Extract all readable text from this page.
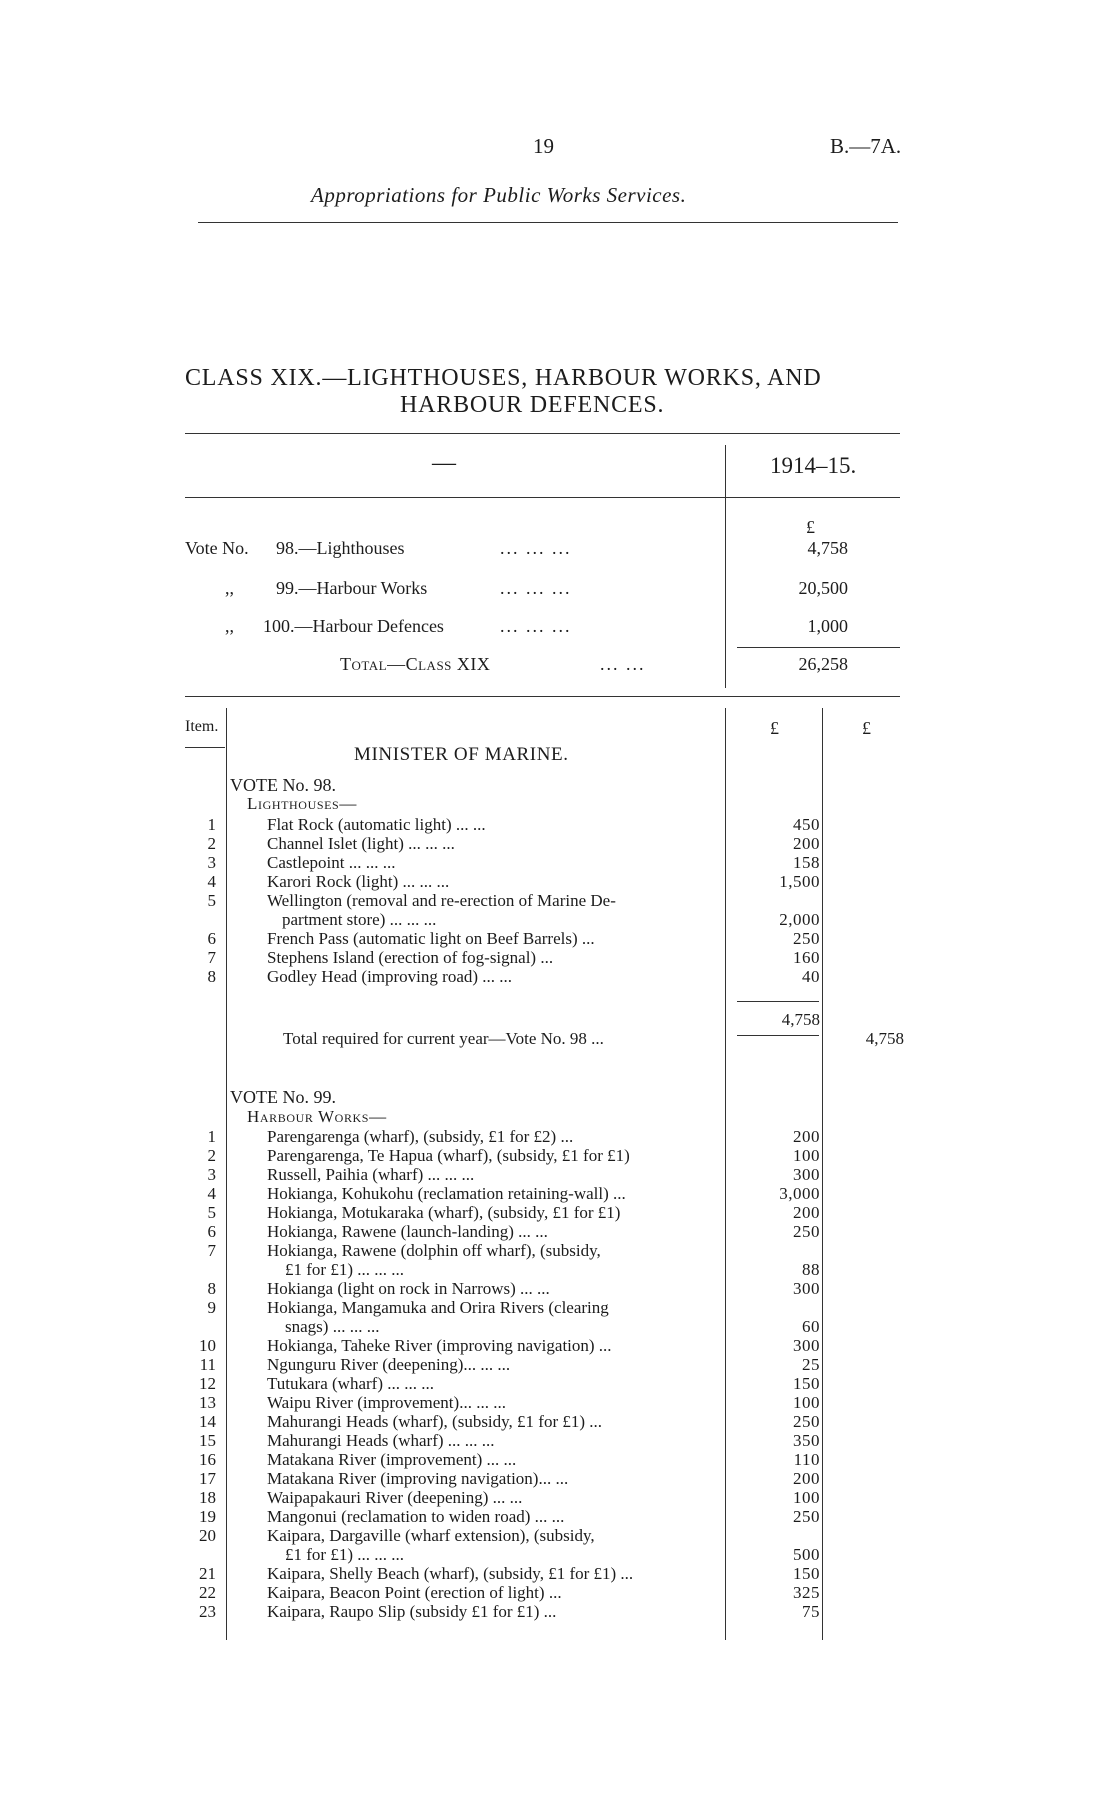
19	B.—7A.
Appropriations for Public Works Services.
CLASS XIX.—LIGHTHOUSES, HARBOUR WORKS, AND
HARBOUR DEFENCES.
—	1914–15.
£
Vote No. 98.—Lighthouses	... ... ...	4,758
,, 99.—Harbour Works	... ... ...	20,500
,, 100.—Harbour Defences	... ... ...	1,000
Total—Class XIX	... ...	26,258
Item.	£	£
MINISTER OF MARINE.
VOTE No. 98.
Lighthouses—
1	Flat Rock (automatic light) ... ...	450
2	Channel Islet (light) ... ... ...	200
3	Castlepoint ... ... ...	158
4	Karori Rock (light) ... ... ...	1,500
5	Wellington (removal and re-erection of Marine De-
partment store) ... ... ...	2,000
6	French Pass (automatic light on Beef Barrels) ...	250
7	Stephens Island (erection of fog-signal) ...	160
8	Godley Head (improving road) ... ...	40
4,758
Total required for current year—Vote No. 98 ...	4,758
VOTE No. 99.
Harbour Works—
1	Parengarenga (wharf), (subsidy, £1 for £2) ...	200
2	Parengarenga, Te Hapua (wharf), (subsidy, £1 for £1)	100
3	Russell, Paihia (wharf) ... ... ...	300
4	Hokianga, Kohukohu (reclamation retaining-wall) ...	3,000
5	Hokianga, Motukaraka (wharf), (subsidy, £1 for £1)	200
6	Hokianga, Rawene (launch-landing) ... ...	250
7	Hokianga, Rawene (dolphin off wharf), (subsidy,
£1 for £1) ... ... ...	88
8	Hokianga (light on rock in Narrows) ... ...	300
9	Hokianga, Mangamuka and Orira Rivers (clearing
snags) ... ... ...	60
10	Hokianga, Taheke River (improving navigation) ...	300
11	Ngunguru River (deepening)... ... ...	25
12	Tutukara (wharf) ... ... ...	150
13	Waipu River (improvement)... ... ...	100
14	Mahurangi Heads (wharf), (subsidy, £1 for £1) ...	250
15	Mahurangi Heads (wharf) ... ... ...	350
16	Matakana River (improvement) ... ...	110
17	Matakana River (improving navigation)... ...	200
18	Waipapakauri River (deepening) ... ...	100
19	Mangonui (reclamation to widen road) ... ...	250
20	Kaipara, Dargaville (wharf extension), (subsidy,
£1 for £1) ... ... ...	500
21	Kaipara, Shelly Beach (wharf), (subsidy, £1 for £1) ...	150
22	Kaipara, Beacon Point (erection of light) ...	325
23	Kaipara, Raupo Slip (subsidy £1 for £1) ...	75
